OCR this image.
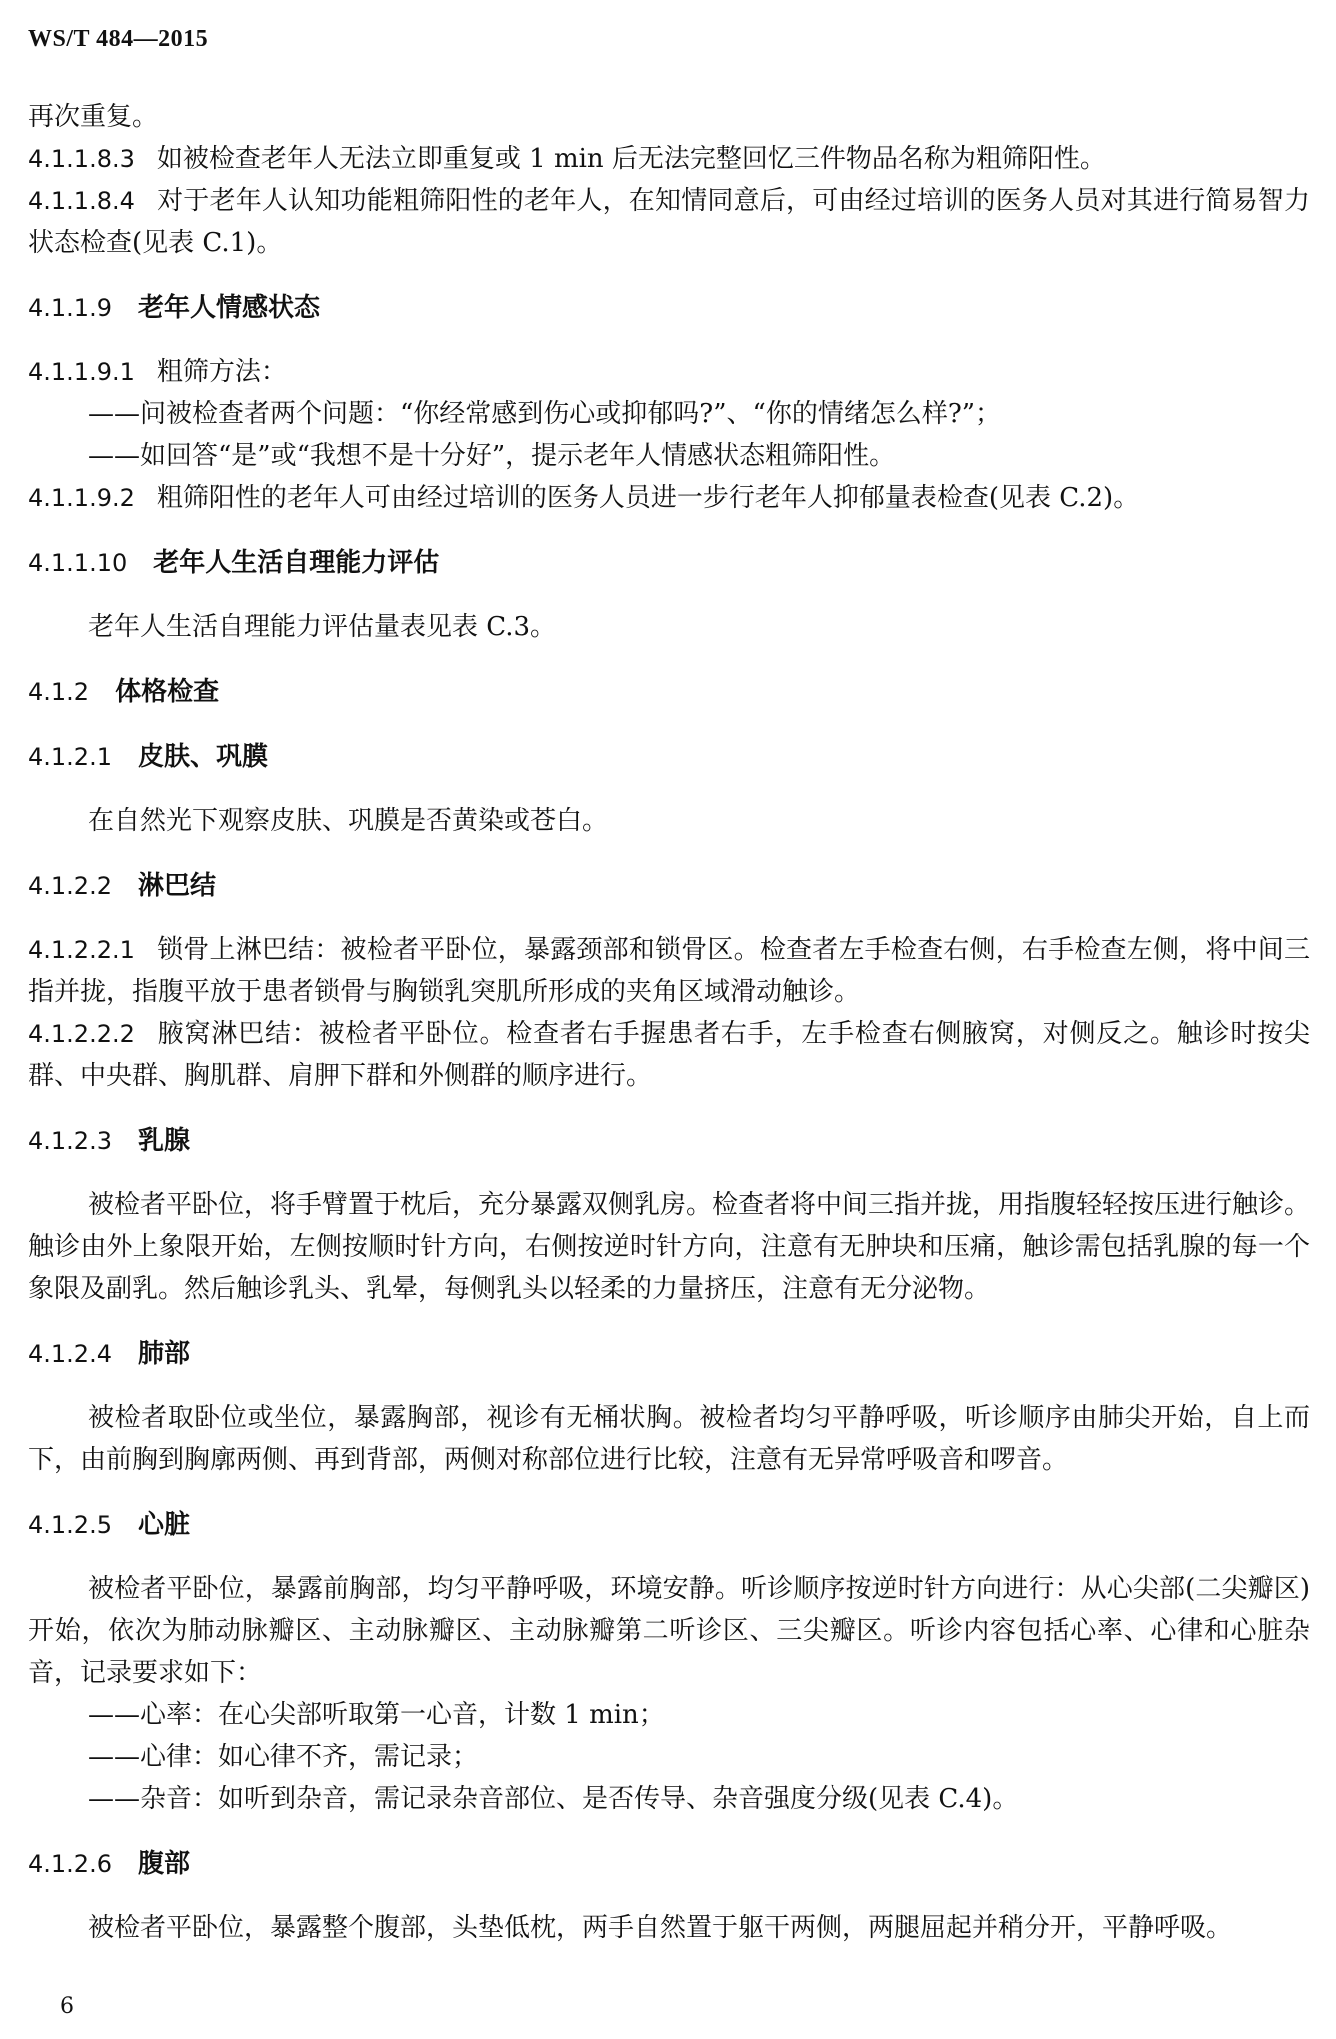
WS/T 484—2015
再次重复。
4.1.1.8.3 如被检查老年人无法立即重复或 1 min 后无法完整回忆三件物品名称为粗筛阳性。
4.1.1.8.4 对于老年人认知功能粗筛阳性的老年人，在知情同意后，可由经过培训的医务人员对其进行简易智力状态检查(见表 C.1)。
4.1.1.9 老年人情感状态
4.1.1.9.1 粗筛方法：
——问被检查者两个问题：“你经常感到伤心或抑郁吗?”、“你的情绪怎么样?”；
——如回答“是”或“我想不是十分好”，提示老年人情感状态粗筛阳性。
4.1.1.9.2 粗筛阳性的老年人可由经过培训的医务人员进一步行老年人抑郁量表检查(见表 C.2)。
4.1.1.10 老年人生活自理能力评估
老年人生活自理能力评估量表见表 C.3。
4.1.2 体格检查
4.1.2.1 皮肤、巩膜
在自然光下观察皮肤、巩膜是否黄染或苍白。
4.1.2.2 淋巴结
4.1.2.2.1 锁骨上淋巴结：被检者平卧位，暴露颈部和锁骨区。检查者左手检查右侧，右手检查左侧，将中间三指并拢，指腹平放于患者锁骨与胸锁乳突肌所形成的夹角区域滑动触诊。
4.1.2.2.2 腋窝淋巴结：被检者平卧位。检查者右手握患者右手，左手检查右侧腋窝，对侧反之。触诊时按尖群、中央群、胸肌群、肩胛下群和外侧群的顺序进行。
4.1.2.3 乳腺
被检者平卧位，将手臂置于枕后，充分暴露双侧乳房。检查者将中间三指并拢，用指腹轻轻按压进行触诊。触诊由外上象限开始，左侧按顺时针方向，右侧按逆时针方向，注意有无肿块和压痛，触诊需包括乳腺的每一个象限及副乳。然后触诊乳头、乳晕，每侧乳头以轻柔的力量挤压，注意有无分泌物。
4.1.2.4 肺部
被检者取卧位或坐位，暴露胸部，视诊有无桶状胸。被检者均匀平静呼吸，听诊顺序由肺尖开始，自上而下，由前胸到胸廓两侧、再到背部，两侧对称部位进行比较，注意有无异常呼吸音和啰音。
4.1.2.5 心脏
被检者平卧位，暴露前胸部，均匀平静呼吸，环境安静。听诊顺序按逆时针方向进行：从心尖部(二尖瓣区)开始，依次为肺动脉瓣区、主动脉瓣区、主动脉瓣第二听诊区、三尖瓣区。听诊内容包括心率、心律和心脏杂音，记录要求如下：
——心率：在心尖部听取第一心音，计数 1 min；
——心律：如心律不齐，需记录；
——杂音：如听到杂音，需记录杂音部位、是否传导、杂音强度分级(见表 C.4)。
4.1.2.6 腹部
被检者平卧位，暴露整个腹部，头垫低枕，两手自然置于躯干两侧，两腿屈起并稍分开，平静呼吸。
6
